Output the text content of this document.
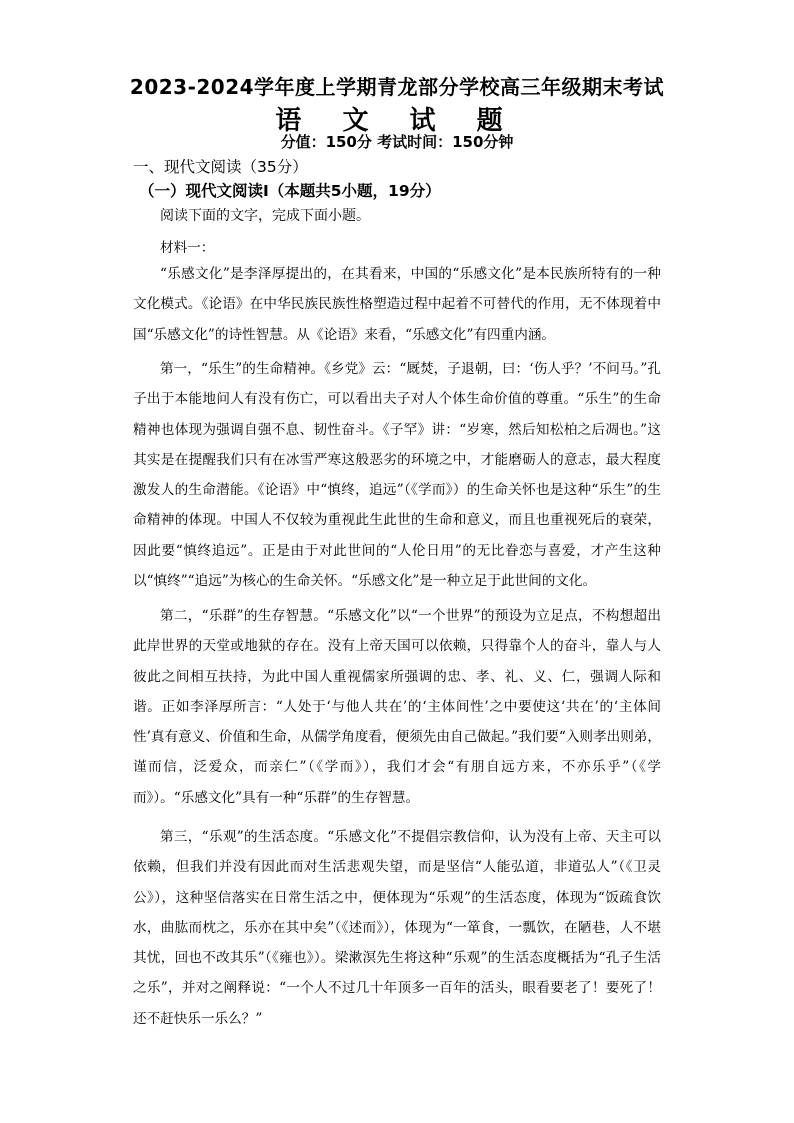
2023-2024学年度上学期青龙部分学校高三年级期末考试
语 文 试 题
分值：150分 考试时间：150分钟
一、现代文阅读（35分）
（一）现代文阅读Ⅰ（本题共5小题，19分）
阅读下面的文字，完成下面小题。
材料一：

“乐感文化”是李泽厚提出的，在其看来，中国的“乐感文化”是本民族所特有的一种文化模式。《论语》在中华民族民族性格塑造过程中起着不可替代的作用，无不体现着中国“乐感文化”的诗性智慧。从《论语》来看，“乐感文化”有四重内涵。

第一，“乐生”的生命精神。《乡党》云：“厩焚，子退朝，曰：‘伤人乎？’不问马。”孔子出于本能地问人有没有伤亡，可以看出夫子对人个体生命价值的尊重。“乐生”的生命精神也体现为强调自强不息、韧性奋斗。《子罕》讲：“岁寒，然后知松柏之后凋也。”这其实是在提醒我们只有在冰雪严寒这般恶劣的环境之中，才能磨砺人的意志，最大程度激发人的生命潜能。《论语》中“慎终，追远”（《学而》）的生命关怀也是这种“乐生”的生命精神的体现。中国人不仅较为重视此生此世的生命和意义，而且也重视死后的衰荣，因此要“慎终追远”。正是由于对此世间的“人伦日用”的无比眷恋与喜爱，才产生这种以“慎终”“追远”为核心的生命关怀。“乐感文化”是一种立足于此世间的文化。

第二，“乐群”的生存智慧。“乐感文化”以“一个世界”的预设为立足点，不构想超出此岸世界的天堂或地狱的存在。没有上帝天国可以依赖，只得靠个人的奋斗，靠人与人彼此之间相互扶持，为此中国人重视儒家所强调的忠、孝、礼、义、仁，强调人际和谐。正如李泽厚所言：“人处于‘与他人共在’的‘主体间性’之中要使这‘共在’的‘主体间性’真有意义、价值和生命，从儒学角度看，便须先由自己做起。”我们要“入则孝出则弟，谨而信，泛爱众，而亲仁”（《学而》），我们才会“有朋自远方来，不亦乐乎”（《学而》）。“乐感文化”具有一种“乐群”的生存智慧。

第三，“乐观”的生活态度。“乐感文化”不提倡宗教信仰，认为没有上帝、天主可以依赖，但我们并没有因此而对生活悲观失望，而是坚信“人能弘道，非道弘人”（《卫灵公》），这种坚信落实在日常生活之中，便体现为“乐观”的生活态度，体现为“饭疏食饮水，曲肱而枕之，乐亦在其中矣”（《述而》），体现为“一箪食，一瓢饮，在陋巷，人不堪其忧，回也不改其乐”（《雍也》）。梁漱溟先生将这种“乐观”的生活态度概括为“孔子生活之乐”，并对之阐释说：“一个人不过几十年顶多一百年的活头，眼看要老了！要死了！还不赶快乐一乐么？”
